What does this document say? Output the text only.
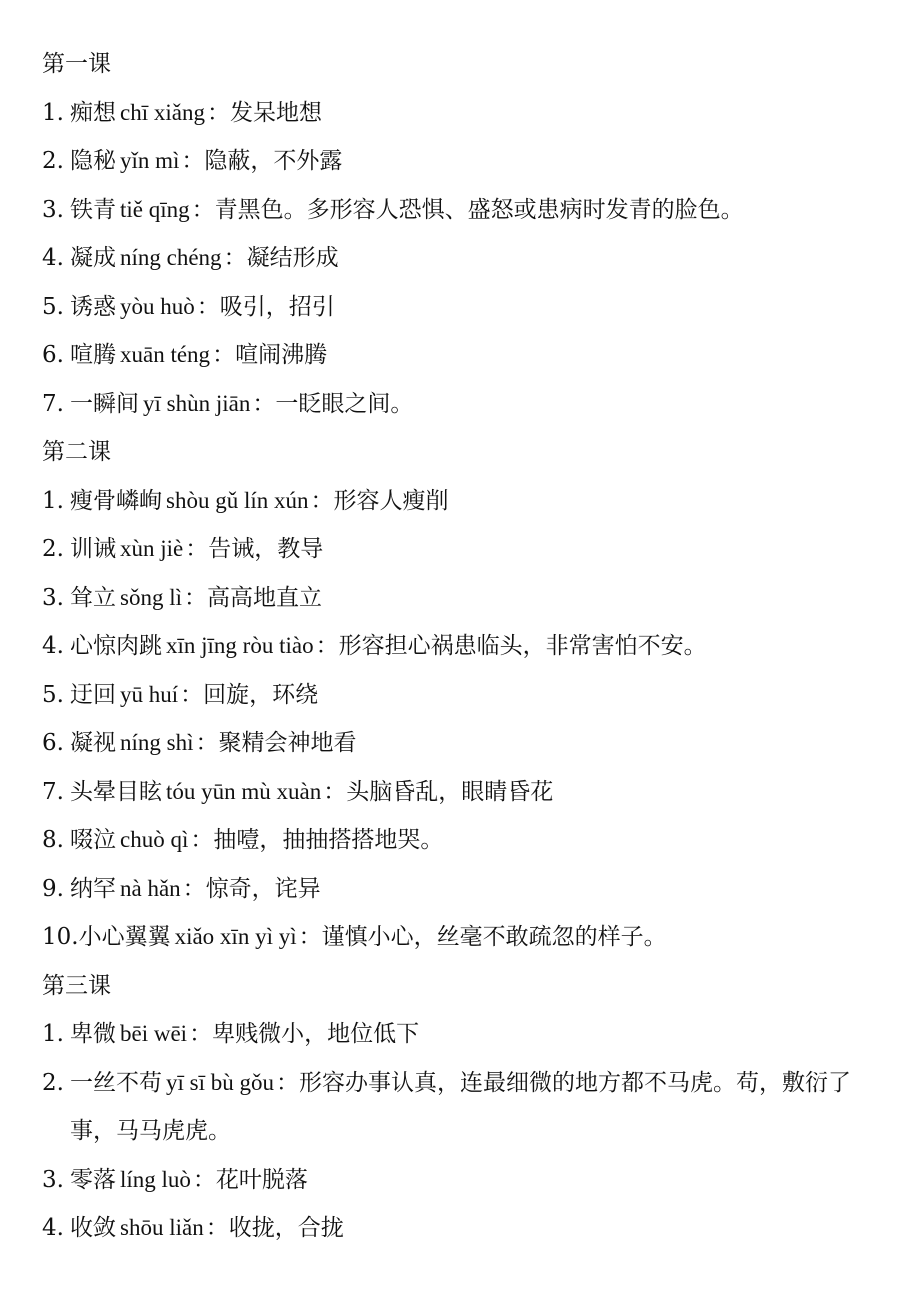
第一课
1. 痴想 chī xiǎng：发呆地想
2. 隐秘 yǐn mì：隐蔽，不外露
3. 铁青 tiě qīng：青黑色。多形容人恐惧、盛怒或患病时发青的脸色。
4. 凝成 níng chéng：凝结形成
5. 诱惑 yòu huò：吸引，招引
6. 喧腾 xuān téng：喧闹沸腾
7. 一瞬间 yī shùn jiān：一眨眼之间。
第二课
1. 瘦骨嶙峋 shòu gǔ lín xún：形容人瘦削
2. 训诫 xùn jiè：告诫，教导
3. 耸立 sǒng lì：高高地直立
4. 心惊肉跳 xīn jīng ròu tiào：形容担心祸患临头，非常害怕不安。
5. 迂回 yū huí：回旋，环绕
6. 凝视 níng shì：聚精会神地看
7. 头晕目眩 tóu yūn mù xuàn：头脑昏乱，眼睛昏花
8. 啜泣 chuò qì：抽噎，抽抽搭搭地哭。
9. 纳罕 nà hǎn：惊奇，诧异
10. 小心翼翼 xiǎo xīn yì yì：谨慎小心，丝毫不敢疏忽的样子。
第三课
1. 卑微 bēi wēi：卑贱微小，地位低下
2. 一丝不苟 yī sī bù gǒu：形容办事认真，连最细微的地方都不马虎。苟，敷衍了事，马马虎虎。
3. 零落 líng luò：花叶脱落
4. 收敛 shōu liǎn：收拢，合拢
